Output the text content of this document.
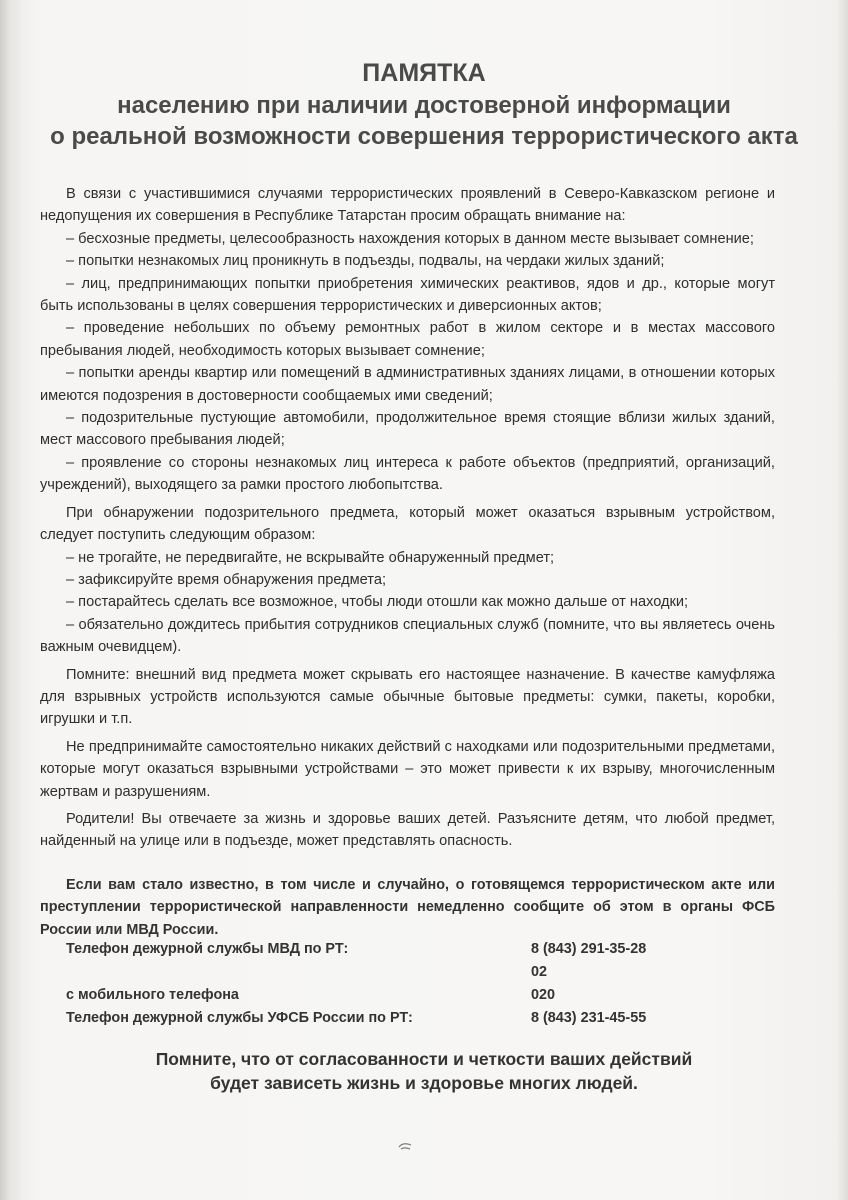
ПАМЯТКА
населению при наличии достоверной информации
о реальной возможности совершения террористического акта

В связи с участившимися случаями террористических проявлений в Северо-Кавказском регионе и недопущения их совершения в Республике Татарстан просим обращать внимание на:

– бесхозные предметы, целесообразность нахождения которых в данном месте вызывает сомнение;

– попытки незнакомых лиц проникнуть в подъезды, подвалы, на чердаки жилых зданий;

– лиц, предпринимающих попытки приобретения химических реактивов, ядов и др., которые могут быть использованы в целях совершения террористических и диверсионных актов;

– проведение небольших по объему ремонтных работ в жилом секторе и в местах массового пребывания людей, необходимость которых вызывает сомнение;

– попытки аренды квартир или помещений в административных зданиях лицами, в отношении которых имеются подозрения в достоверности сообщаемых ими сведений;

– подозрительные пустующие автомобили, продолжительное время стоящие вблизи жилых зданий, мест массового пребывания людей;

– проявление со стороны незнакомых лиц интереса к работе объектов (предприятий, организаций, учреждений), выходящего за рамки простого любопытства.

При обнаружении подозрительного предмета, который может оказаться взрывным устройством, следует поступить следующим образом:

– не трогайте, не передвигайте, не вскрывайте обнаруженный предмет;

– зафиксируйте время обнаружения предмета;

– постарайтесь сделать все возможное, чтобы люди отошли как можно дальше от находки;

– обязательно дождитесь прибытия сотрудников специальных служб (помните, что вы являетесь очень важным очевидцем).

Помните: внешний вид предмета может скрывать его настоящее назначение. В качестве камуфляжа для взрывных устройств используются самые обычные бытовые предметы: сумки, пакеты, коробки, игрушки и т.п.

Не предпринимайте самостоятельно никаких действий с находками или подозрительными предметами, которые могут оказаться взрывными устройствами – это может привести к их взрыву, многочисленным жертвам и разрушениям.

Родители! Вы отвечаете за жизнь и здоровье ваших детей. Разъясните детям, что любой предмет, найденный на улице или в подъезде, может представлять опасность.

Если вам стало известно, в том числе и случайно, о готовящемся террористическом акте или преступлении террористической направленности немедленно сообщите об этом в органы ФСБ России или МВД России.

Телефон дежурной службы МВД по РТ:	8 (843) 291-35-28
02
с мобильного телефона	020
Телефон дежурной службы УФСБ России по РТ:	8 (843) 231-45-55
Помните, что от согласованности и четкости ваших действий
будет зависеть жизнь и здоровье многих людей.
